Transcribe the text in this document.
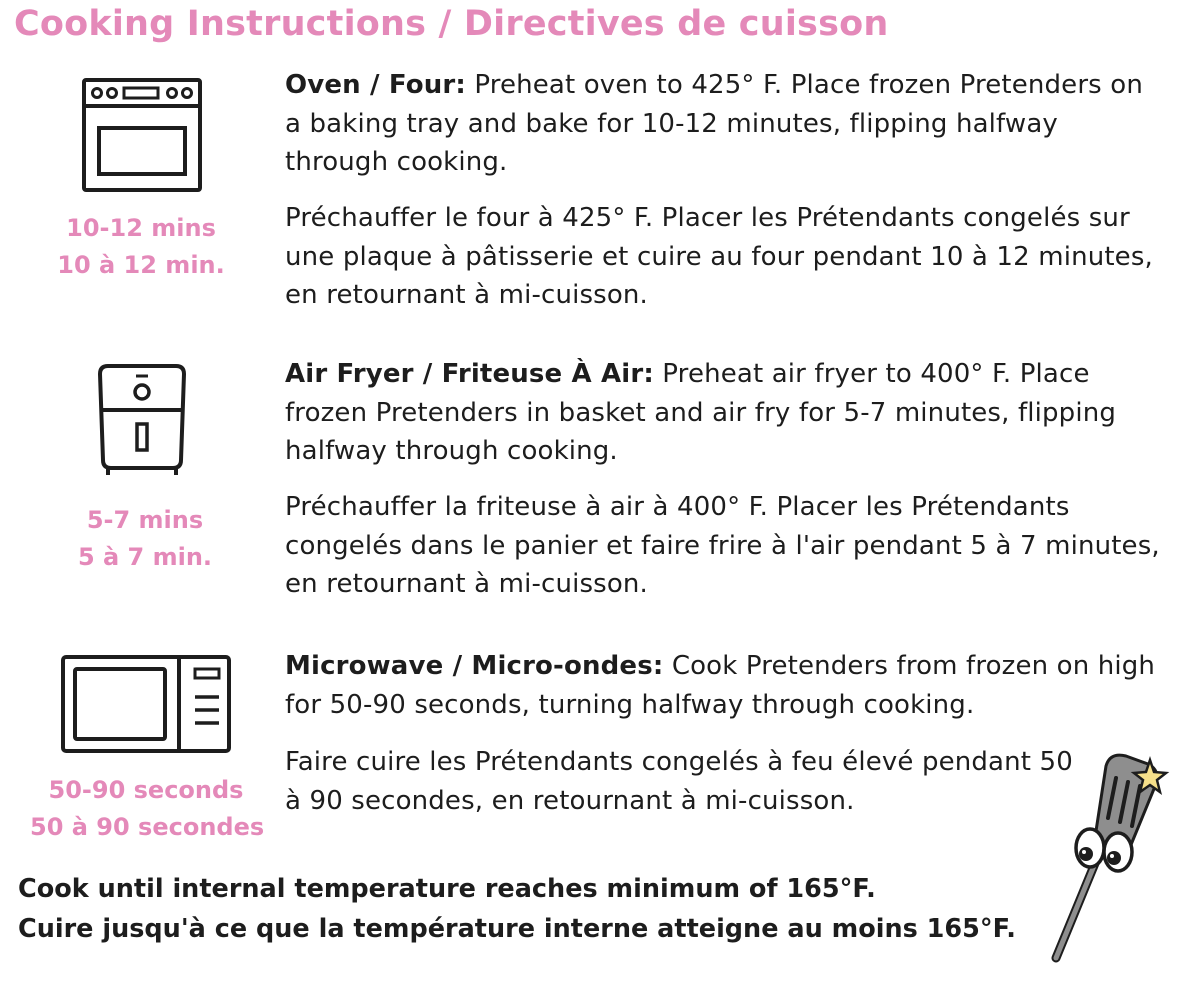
Cooking Instructions / Directives de cuisson
10-12 mins
10 à 12 min.
Oven / Four: Preheat oven to 425° F. Place frozen Pretenders on a baking tray and bake for 10-12 minutes, flipping halfway through cooking.
Préchauffer le four à 425° F. Placer les Prétendants congelés sur une plaque à pâtisserie et cuire au four pendant 10 à 12 minutes, en retournant à mi-cuisson.
5-7 mins
5 à 7 min.
Air Fryer / Friteuse À Air: Preheat air fryer to 400° F. Place frozen Pretenders in basket and air fry for 5-7 minutes, flipping halfway through cooking.
Préchauffer la friteuse à air à 400° F. Placer les Prétendants congelés dans le panier et faire frire à l'air pendant 5 à 7 minutes, en retournant à mi-cuisson.
50-90 seconds
50 à 90 secondes
Microwave / Micro-ondes: Cook Pretenders from frozen on high for 50-90 seconds, turning halfway through cooking.
Faire cuire les Prétendants congelés à feu élevé pendant 50 à 90 secondes, en retournant à mi-cuisson.
Cook until internal temperature reaches minimum of 165°F.
Cuire jusqu'à ce que la température interne atteigne au moins 165°F.
